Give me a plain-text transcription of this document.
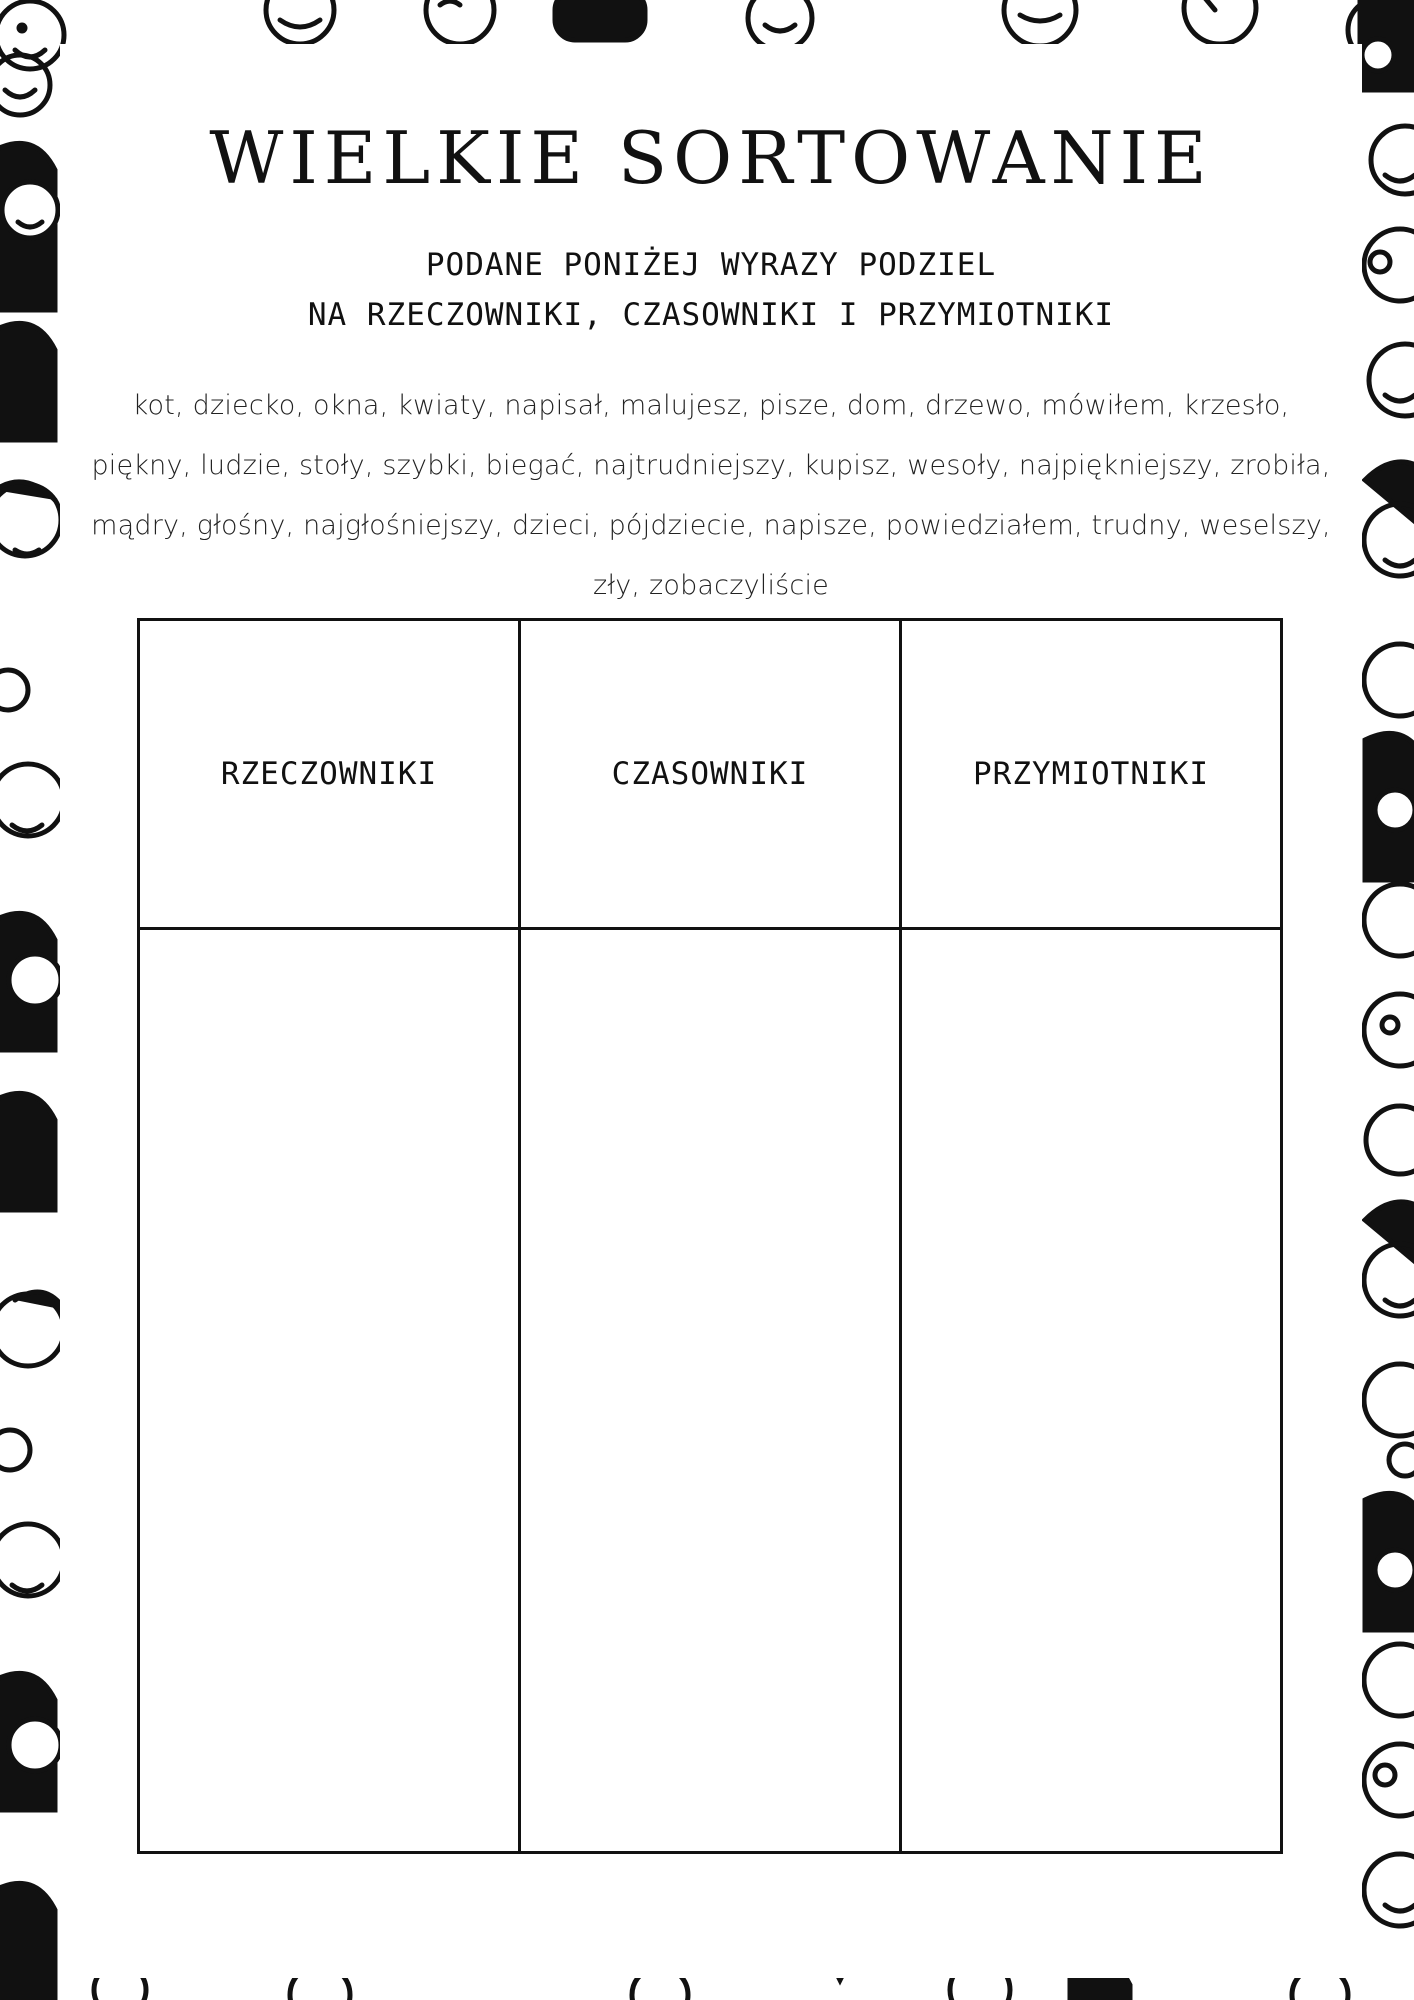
WIELKIE SORTOWANIE
PODANE PONIŻEJ WYRAZY PODZIEL
NA RZECZOWNIKI, CZASOWNIKI I PRZYMIOTNIKI
kot, dziecko, okna, kwiaty, napisał, malujesz, pisze, dom, drzewo, mówiłem, krzesło, piękny, ludzie, stoły, szybki, biegać, najtrudniejszy, kupisz, wesoły, najpiękniejszy, zrobiła, mądry, głośny, najgłośniejszy, dzieci, pójdziecie, napisze, powiedziałem, trudny, weselszy, zły, zobaczyliście
RZECZOWNIKI	CZASOWNIKI	PRZYMIOTNIKI
